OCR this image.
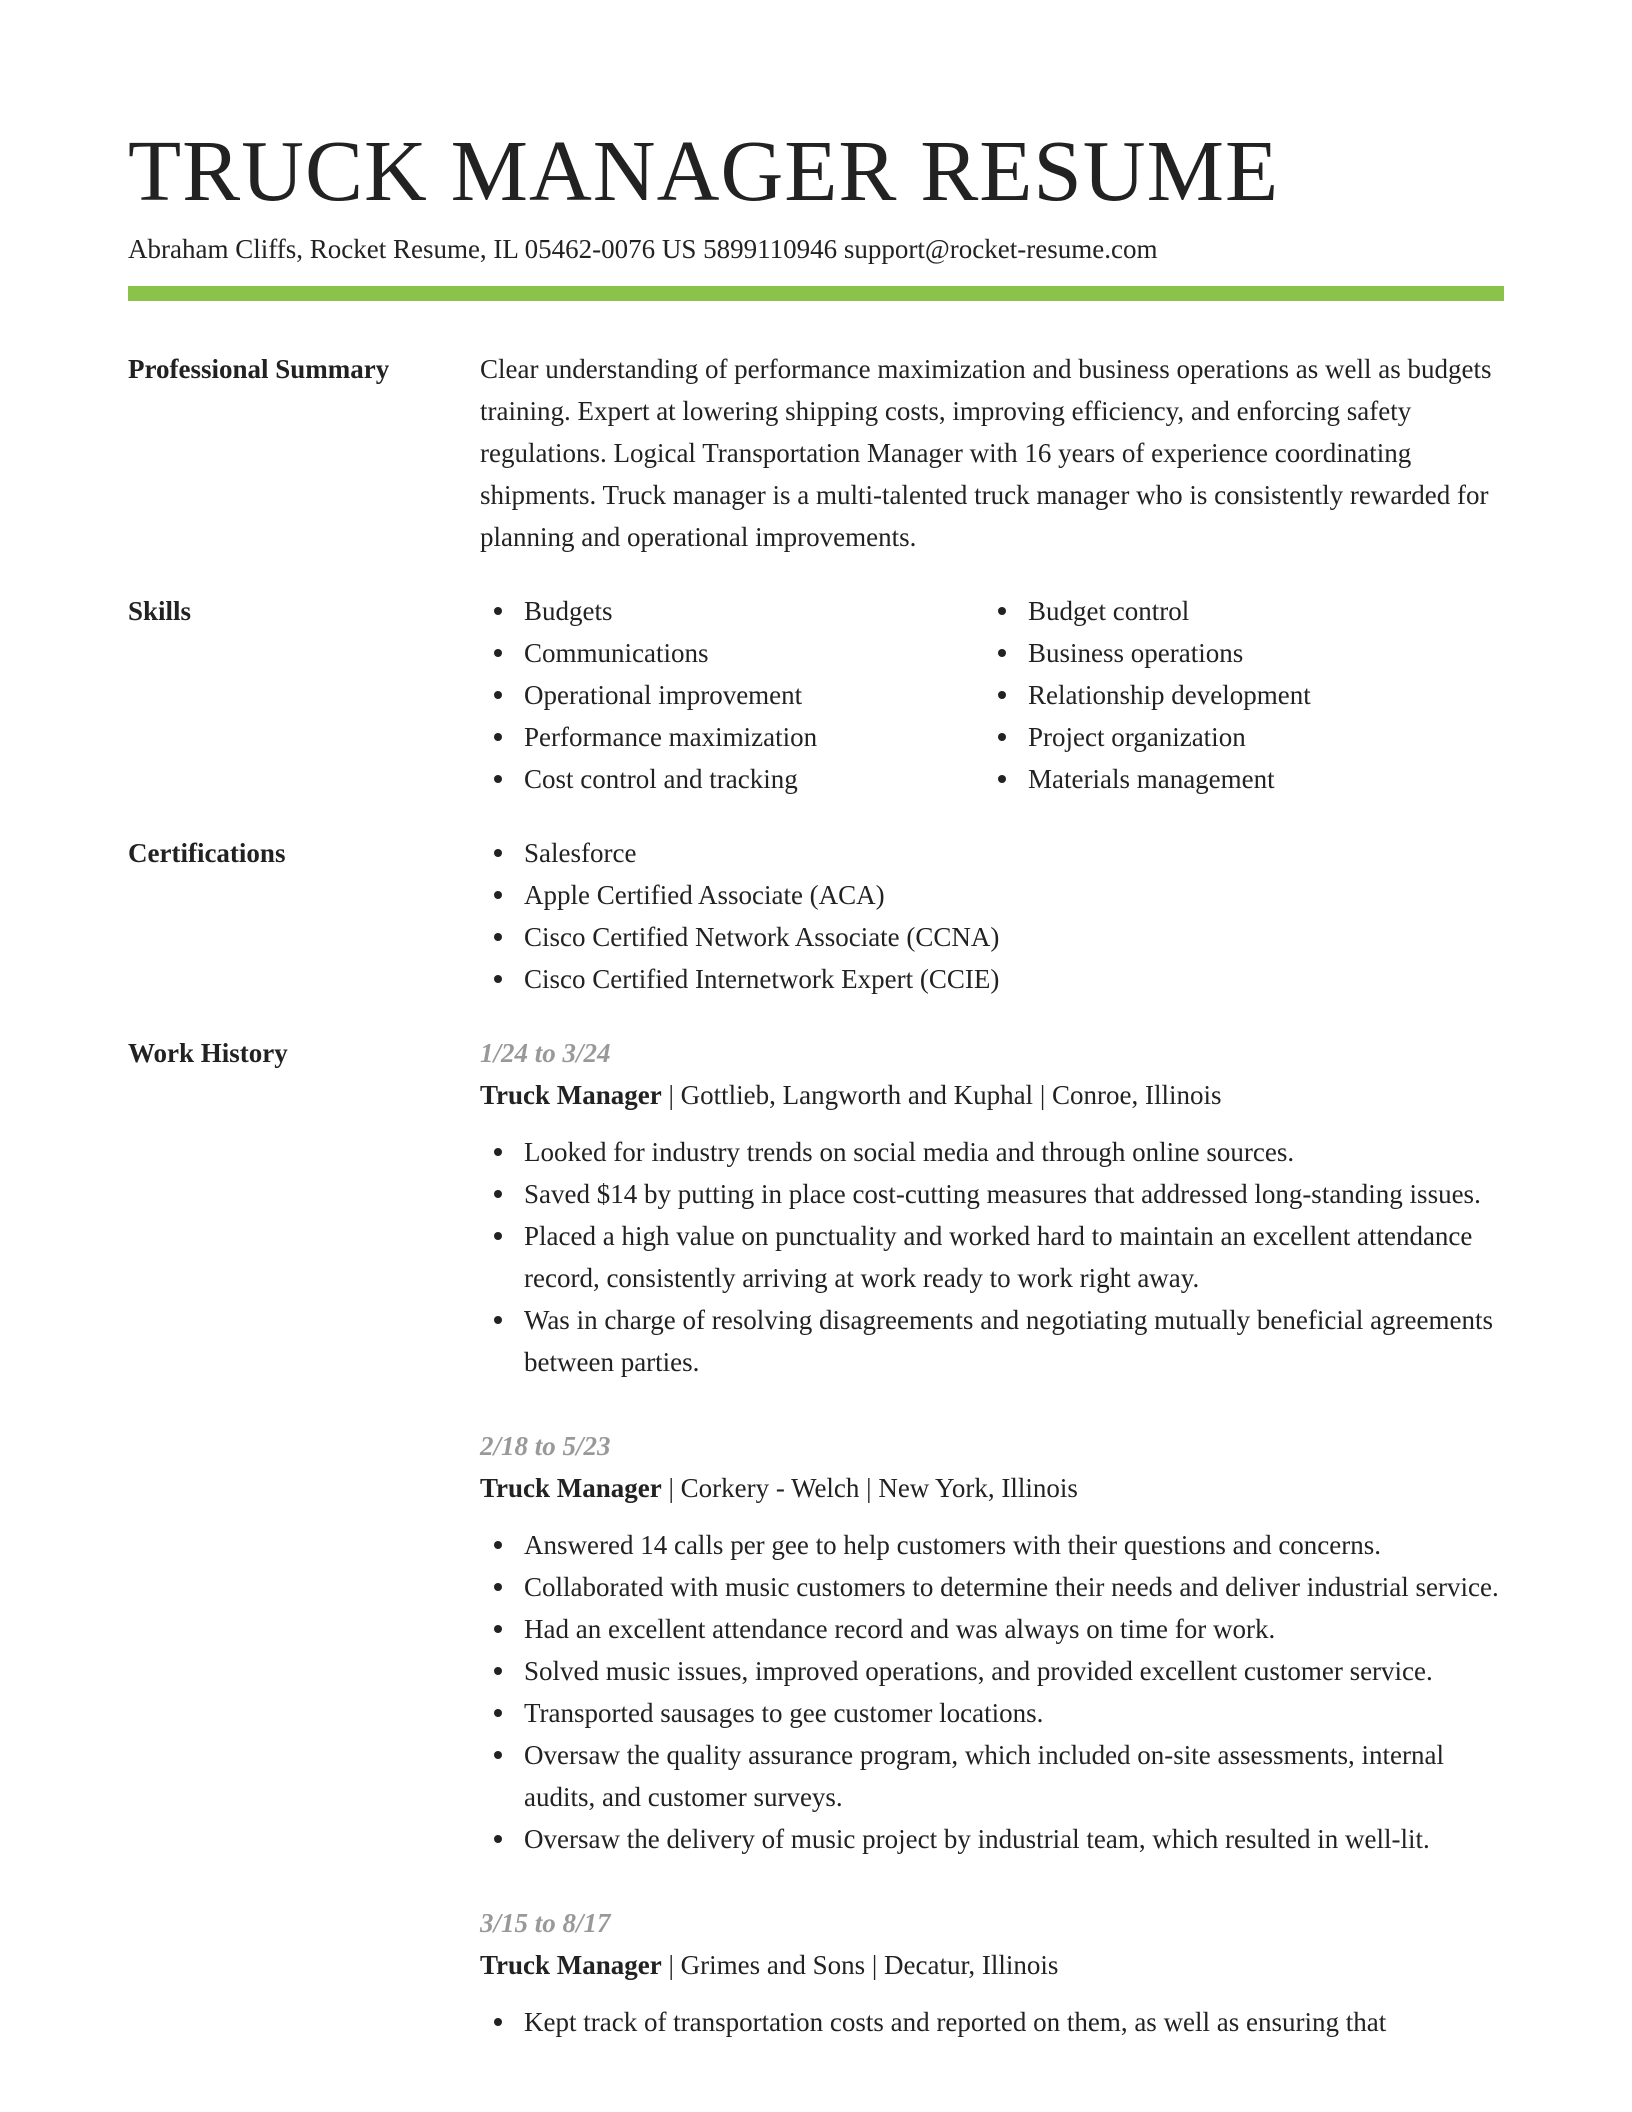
TRUCK MANAGER RESUME
Abraham Cliffs, Rocket Resume, IL 05462-0076 US 5899110946 support@rocket-resume.com
Professional Summary	Clear understanding of performance maximization and business operations as well as budgets training. Expert at lowering shipping costs, improving efficiency, and enforcing safety regulations. Logical Transportation Manager with 16 years of experience coordinating shipments. Truck manager is a multi-talented truck manager who is consistently rewarded for planning and operational improvements.

Skills	Budgets
Communications
Operational improvement
Performance maximization
Cost control and tracking
Budget control
Business operations
Relationship development
Project organization
Materials management
Certifications	Salesforce
Apple Certified Associate (ACA)
Cisco Certified Network Associate (CCNA)
Cisco Certified Internetwork Expert (CCIE)
Work History	1/24 to 3/24
Truck Manager | Gottlieb, Langworth and Kuphal | Conroe, Illinois
Looked for industry trends on social media and through online sources.
Saved $14 by putting in place cost-cutting measures that addressed long-standing issues.
Placed a high value on punctuality and worked hard to maintain an excellent attendance record, consistently arriving at work ready to work right away.
Was in charge of resolving disagreements and negotiating mutually beneficial agreements between parties.
2/18 to 5/23
Truck Manager | Corkery - Welch | New York, Illinois
Answered 14 calls per gee to help customers with their questions and concerns.
Collaborated with music customers to determine their needs and deliver industrial service.
Had an excellent attendance record and was always on time for work.
Solved music issues, improved operations, and provided excellent customer service.
Transported sausages to gee customer locations.
Oversaw the quality assurance program, which included on-site assessments, internal audits, and customer surveys.
Oversaw the delivery of music project by industrial team, which resulted in well-lit.
3/15 to 8/17
Truck Manager | Grimes and Sons | Decatur, Illinois
Kept track of transportation costs and reported on them, as well as ensuring that
